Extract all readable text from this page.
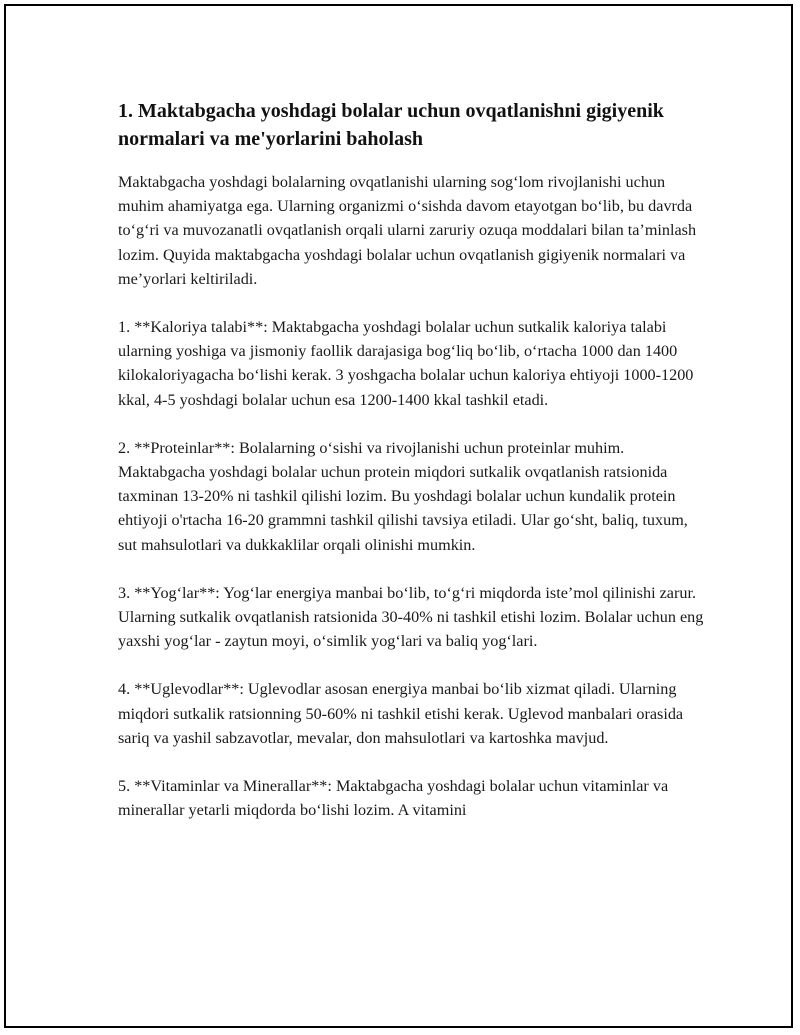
1. Maktabgacha yoshdagi bolalar uchun ovqatlanishni gigiyenik normalari va me'yorlarini baholash

Maktabgacha yoshdagi bolalarning ovqatlanishi ularning sog‘lom rivojlanishi uchun muhim ahamiyatga ega. Ularning organizmi o‘sishda davom etayotgan bo‘lib, bu davrda to‘g‘ri va muvozanatli ovqatlanish orqali ularni zaruriy ozuqa moddalari bilan ta’minlash lozim. Quyida maktabgacha yoshdagi bolalar uchun ovqatlanish gigiyenik normalari va me’yorlari keltiriladi.

1. **Kaloriya talabi**: Maktabgacha yoshdagi bolalar uchun sutkalik kaloriya talabi ularning yoshiga va jismoniy faollik darajasiga bog‘liq bo‘lib, o‘rtacha 1000 dan 1400 kilokaloriyagacha bo‘lishi kerak. 3 yoshgacha bolalar uchun kaloriya ehtiyoji 1000-1200 kkal, 4-5 yoshdagi bolalar uchun esa 1200-1400 kkal tashkil etadi.

2. **Proteinlar**: Bolalarning o‘sishi va rivojlanishi uchun proteinlar muhim. Maktabgacha yoshdagi bolalar uchun protein miqdori sutkalik ovqatlanish ratsionida taxminan 13-20% ni tashkil qilishi lozim. Bu yoshdagi bolalar uchun kundalik protein ehtiyoji o'rtacha 16-20 grammni tashkil qilishi tavsiya etiladi. Ular go‘sht, baliq, tuxum, sut mahsulotlari va dukkaklilar orqali olinishi mumkin.

3. **Yog‘lar**: Yog‘lar energiya manbai bo‘lib, to‘g‘ri miqdorda iste’mol qilinishi zarur. Ularning sutkalik ovqatlanish ratsionida 30-40% ni tashkil etishi lozim. Bolalar uchun eng yaxshi yog‘lar - zaytun moyi, o‘simlik yog‘lari va baliq yog‘lari.

4. **Uglevodlar**: Uglevodlar asosan energiya manbai bo‘lib xizmat qiladi. Ularning miqdori sutkalik ratsionning 50-60% ni tashkil etishi kerak. Uglevod manbalari orasida sariq va yashil sabzavotlar, mevalar, don mahsulotlari va kartoshka mavjud.

5. **Vitaminlar va Minerallar**: Maktabgacha yoshdagi bolalar uchun vitaminlar va minerallar yetarli miqdorda bo‘lishi lozim. A vitamini
